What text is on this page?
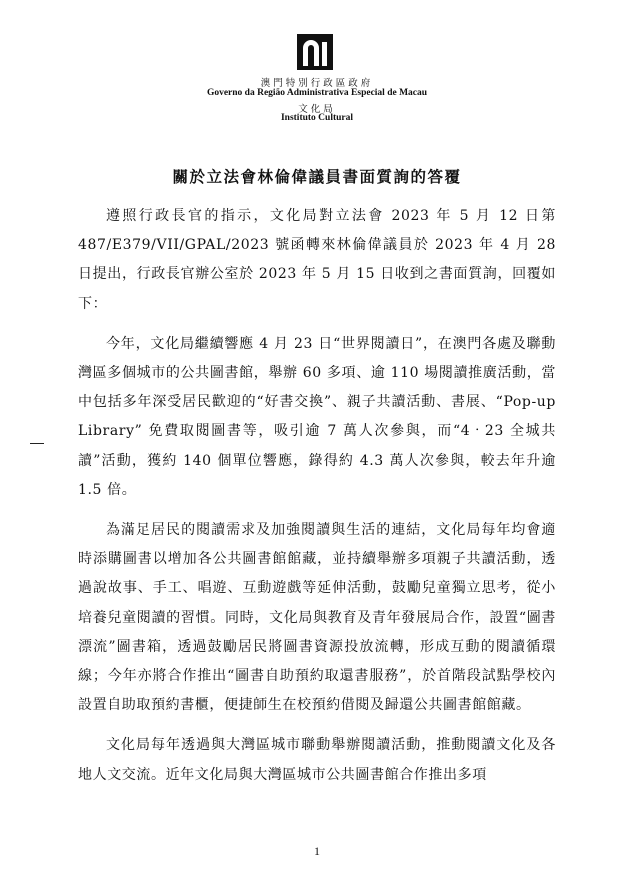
澳門特別行政區政府
Governo da Região Administrativa Especial de Macau
文化局
Instituto Cultural
關於立法會林倫偉議員書面質詢的答覆

遵照行政長官的指示，文化局對立法會 2023 年 5 月 12 日第 487/E379/VII/GPAL/2023 號函轉來林倫偉議員於 2023 年 4 月 28 日提出，行政長官辦公室於 2023 年 5 月 15 日收到之書面質詢，回覆如下：

今年，文化局繼續響應 4 月 23 日“世界閱讀日”，在澳門各處及聯動灣區多個城市的公共圖書館，舉辦 60 多項、逾 110 場閱讀推廣活動，當中包括多年深受居民歡迎的“好書交換”、親子共讀活動、書展、“Pop-up Library” 免費取閱圖書等，吸引逾 7 萬人次參與，而“4‧23 全城共讀”活動，獲約 140 個單位響應，錄得約 4.3 萬人次參與，較去年升逾 1.5 倍。

為滿足居民的閱讀需求及加強閱讀與生活的連結，文化局每年均會適時添購圖書以增加各公共圖書館館藏，並持續舉辦多項親子共讀活動，透過說故事、手工、唱遊、互動遊戲等延伸活動，鼓勵兒童獨立思考，從小培養兒童閱讀的習慣。同時，文化局與教育及青年發展局合作，設置“圖書漂流”圖書箱，透過鼓勵居民將圖書資源投放流轉，形成互動的閱讀循環線；今年亦將合作推出“圖書自助預約取還書服務”，於首階段試點學校內設置自助取預約書櫃，便捷師生在校預約借閱及歸還公共圖書館館藏。

文化局每年透過與大灣區城市聯動舉辦閱讀活動，推動閱讀文化及各地人文交流。近年文化局與大灣區城市公共圖書館合作推出多項

1
